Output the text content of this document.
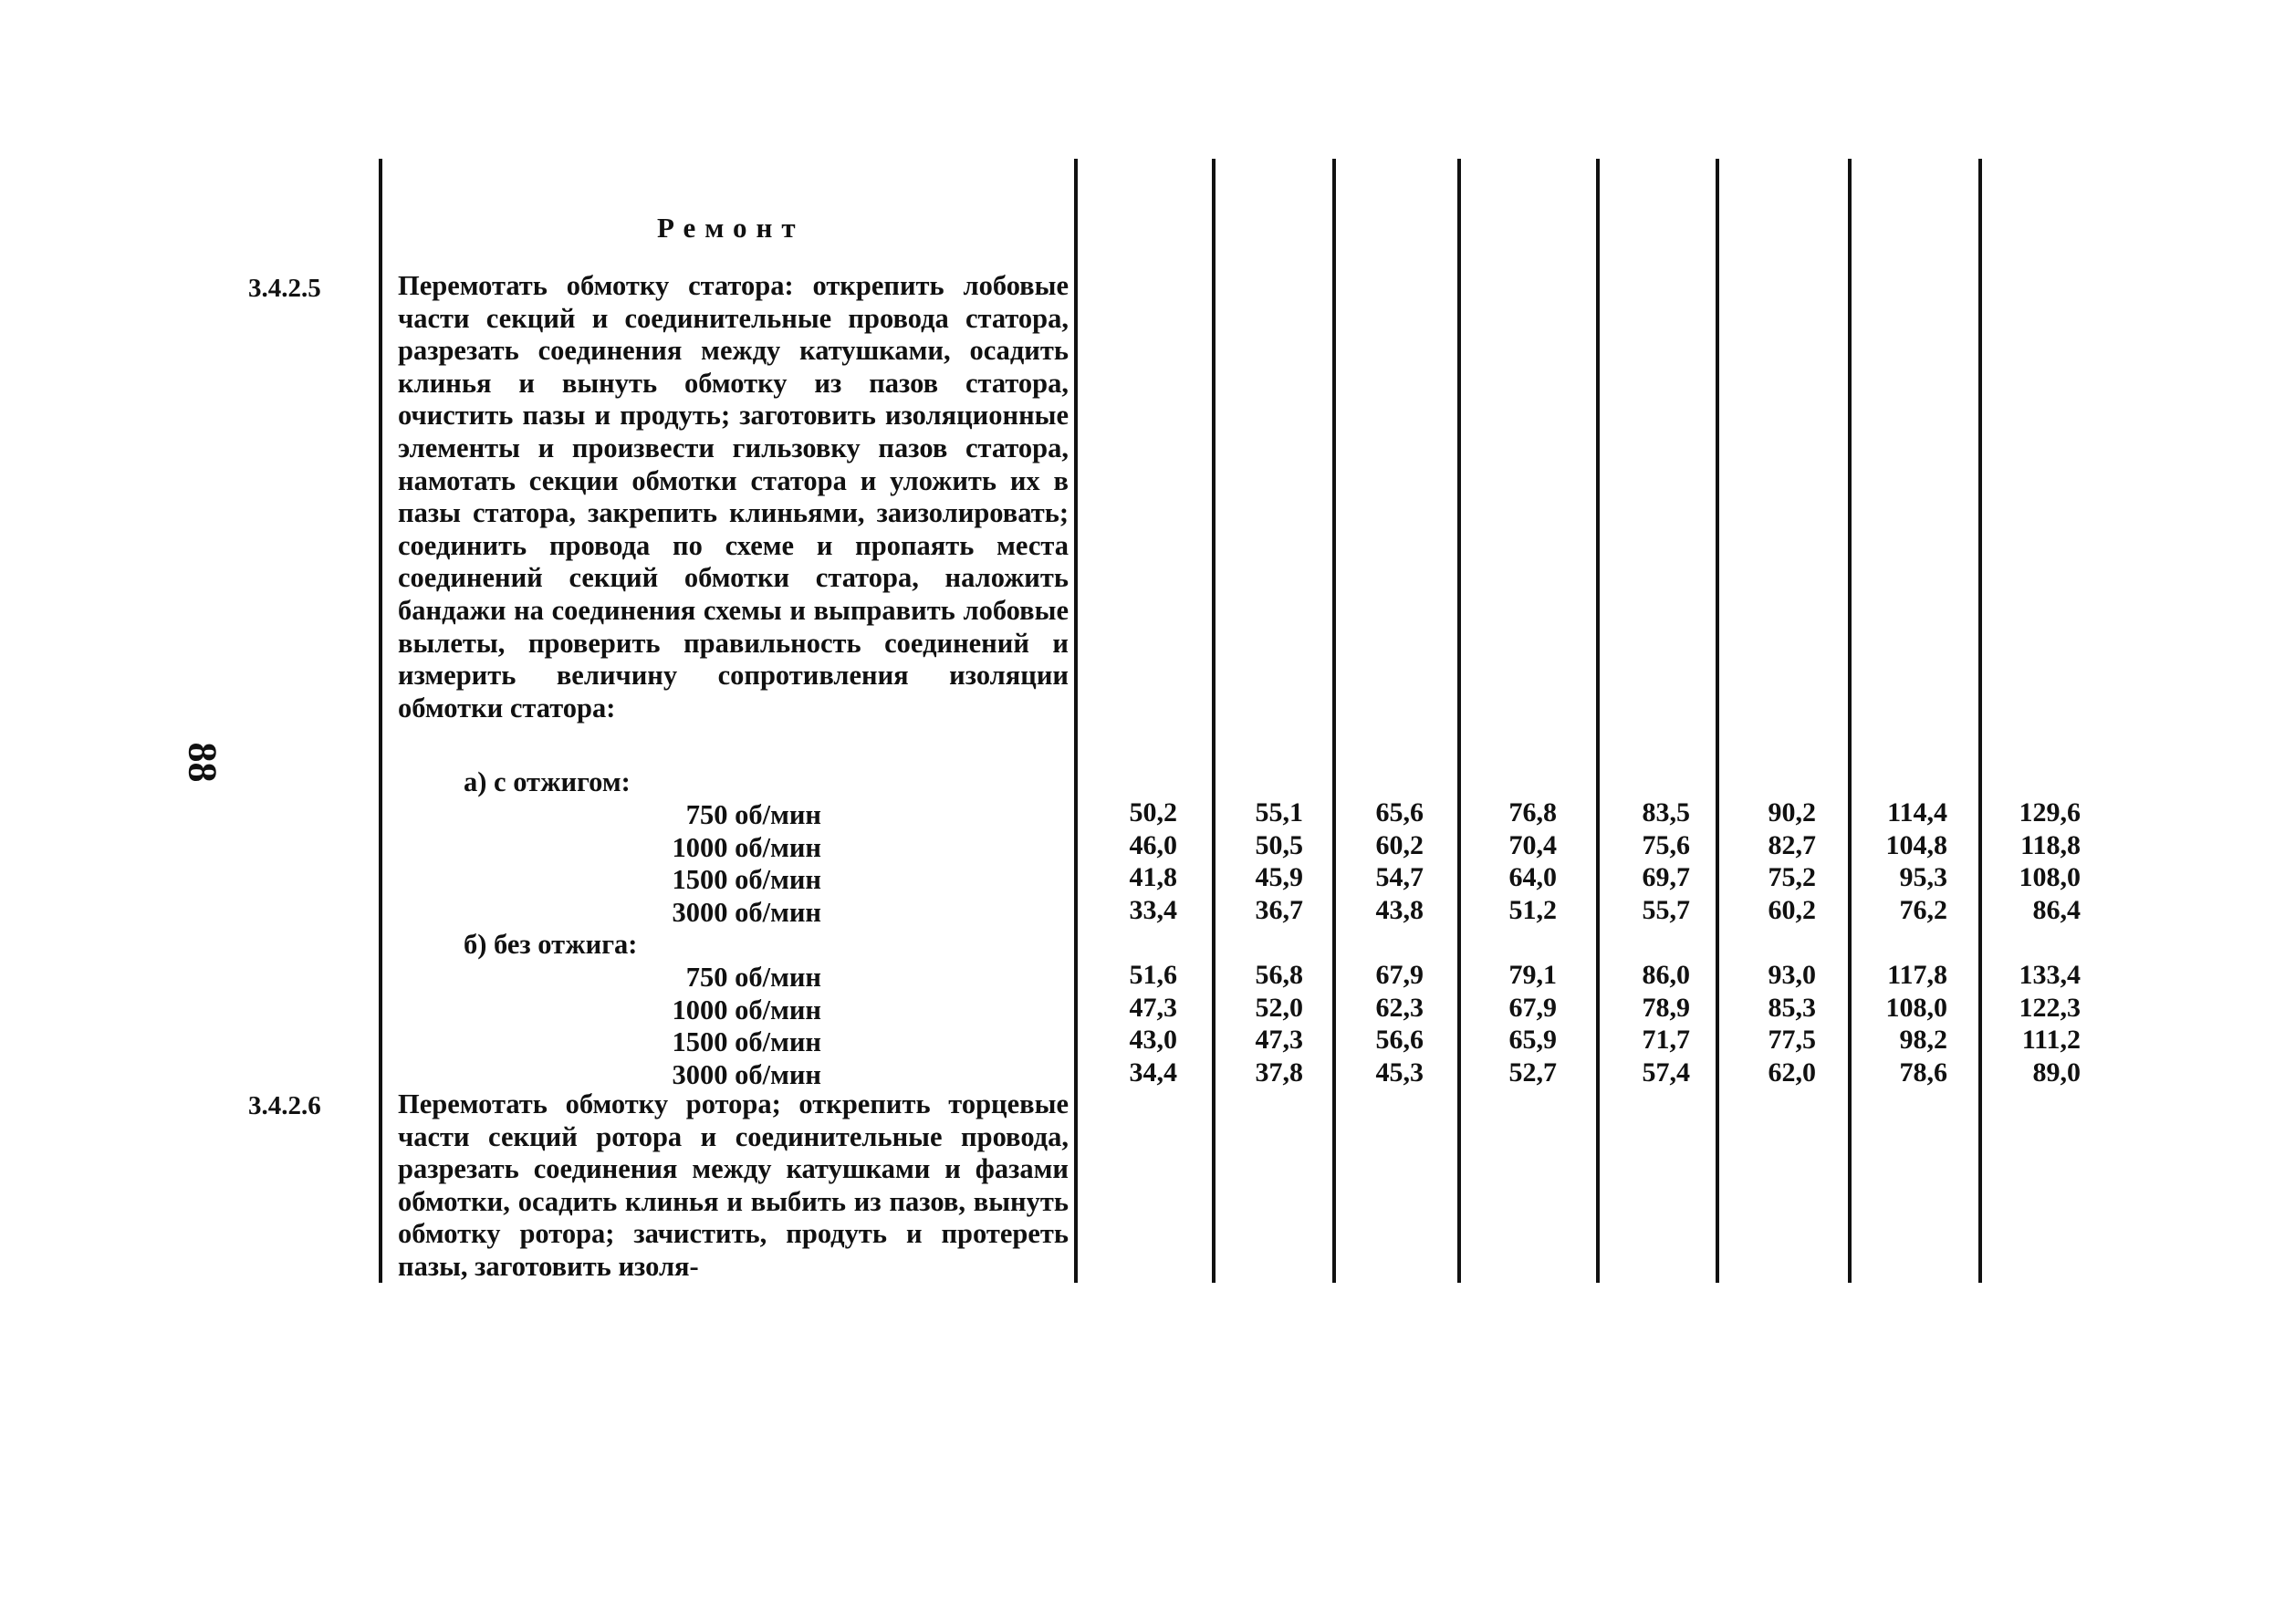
88
Ремонт
3.4.2.5	Перемотать обмотку статора: открепить лобовые части секций и соединительные провода статора, разрезать соединения между катушками, осадить клинья и вынуть обмотку из пазов статора, очистить пазы и продуть; заготовить изоляционные элементы и произвести гильзовку пазов статора, намотать секции обмотки статора и уложить их в пазы статора, закрепить клиньями, заизолировать; соединить провода по схеме и пропаять места соединений секций обмотки статора, наложить бандажи на соединения схемы и выправить лобовые вылеты, проверить правильность соединений и измерить величину сопротивления изоляции обмотки статора:

а) с отжигом:
750 об/мин	50,2	55,1	65,6	76,8	83,5	90,2	114,4	129,6
1000 об/мин	46,0	50,5	60,2	70,4	75,6	82,7	104,8	118,8
1500 об/мин	41,8	45,9	54,7	64,0	69,7	75,2	95,3	108,0
3000 об/мин	33,4	36,7	43,8	51,2	55,7	60,2	76,2	86,4
б) без отжига:
750 об/мин	51,6	56,8	67,9	79,1	86,0	93,0	117,8	133,4
1000 об/мин	47,3	52,0	62,3	67,9	78,9	85,3	108,0	122,3
1500 об/мин	43,0	47,3	56,6	65,9	71,7	77,5	98,2	111,2
3000 об/мин	34,4	37,8	45,3	52,7	57,4	62,0	78,6	89,0
3.4.2.6	Перемотать обмотку ротора; открепить торцевые части секций ротора и соединительные провода, разрезать соединения между катушками и фазами обмотки, осадить клинья и выбить из пазов, вынуть обмотку ротора; зачистить, продуть и протереть пазы, заготовить изоля-
